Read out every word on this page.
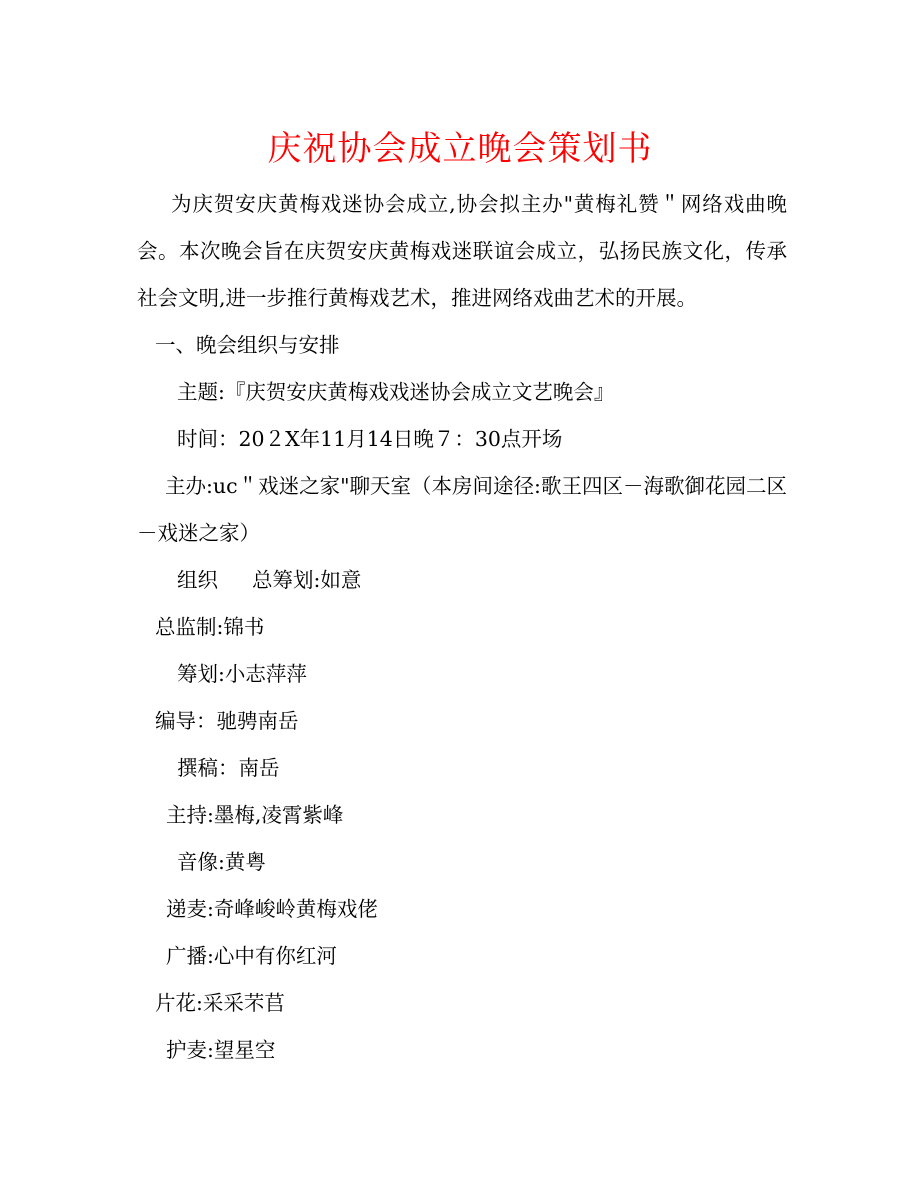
庆祝协会成立晚会策划书
为庆贺安庆黄梅戏迷协会成立,协会拟主办"黄梅礼赞＂网络戏曲晚会。本次晚会旨在庆贺安庆黄梅戏迷联谊会成立，弘扬民族文化，传承社会文明,进一步推行黄梅戏艺术，推进网络戏曲艺术的开展。
一、晚会组织与安排
主题:『庆贺安庆黄梅戏戏迷协会成立文艺晚会』
时间：20２X年11月14日晚７：30点开场
主办:uc＂戏迷之家"聊天室（本房间途径:歌王四区－海歌御花园二区－戏迷之家）
组织 总筹划:如意
总监制:锦书
筹划:小志萍萍
编导：驰骋南岳
撰稿：南岳
主持:墨梅,凌霄紫峰
音像:黄粤
递麦:奇峰峻岭黄梅戏佬
广播:心中有你红河
片花:采采芣苢
护麦:望星空
